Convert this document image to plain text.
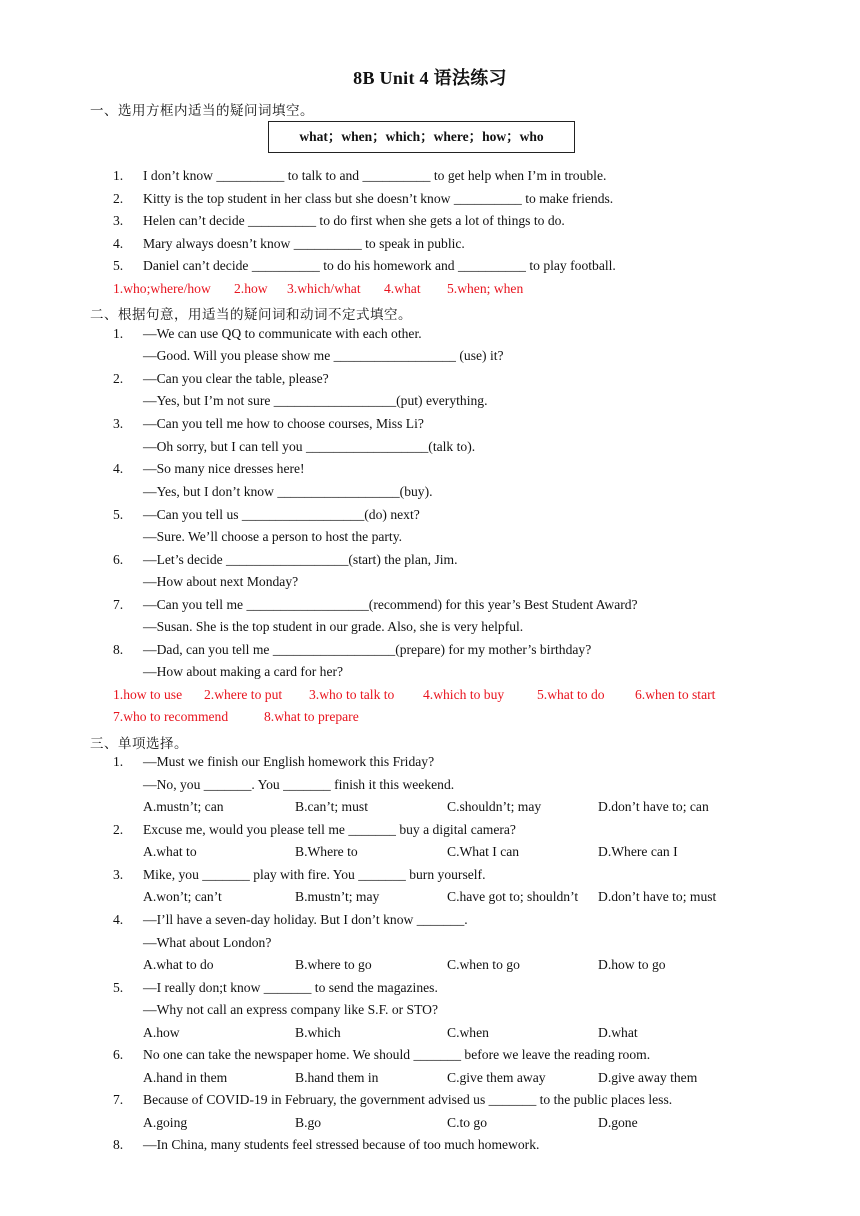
8B Unit 4 语法练习
一、选用方框内适当的疑问词填空。
what；when；which；where；how；who
1. I don’t know __________ to talk to and __________ to get help when I’m in trouble.
2. Kitty is the top student in her class but she doesn’t know __________ to make friends.
3. Helen can’t decide __________ to do first when she gets a lot of things to do.
4. Mary always doesn’t know __________ to speak in public.
5. Daniel can’t decide __________ to do his homework and __________ to play football.
1.who;where/how 2.how 3.which/what 4.what 5.when; when
二、根据句意，用适当的疑问词和动词不定式填空。
1. —We can use QQ to communicate with each other.
—Good. Will you please show me __________________ (use) it?
2. —Can you clear the table, please?
—Yes, but I’m not sure __________________(put) everything.
3. —Can you tell me how to choose courses, Miss Li?
—Oh sorry, but I can tell you __________________(talk to).
4. —So many nice dresses here!
—Yes, but I don’t know __________________(buy).
5. —Can you tell us __________________(do) next?
—Sure. We’ll choose a person to host the party.
6. —Let’s decide __________________(start) the plan, Jim.
—How about next Monday?
7. —Can you tell me __________________(recommend) for this year’s Best Student Award?
—Susan. She is the top student in our grade. Also, she is very helpful.
8. —Dad, can you tell me __________________(prepare) for my mother’s birthday?
—How about making a card for her?
1.how to use 2.where to put 3.who to talk to 4.which to buy 5.what to do 6.when to start
7.who to recommend	8.what to prepare
三、单项选择。
1. —Must we finish our English homework this Friday?
—No, you _______. You _______ finish it this weekend.
A.mustn’t; can	B.can’t; must	C.shouldn’t; may	D.don’t have to; can
2. Excuse me, would you please tell me _______ buy a digital camera?
A.what to	B.Where to	C.What I can	D.Where can I
3. Mike, you _______ play with fire. You _______ burn yourself.
A.won’t; can’t	B.mustn’t; may	C.have got to; shouldn’t D.don’t have to; must
4. —I’ll have a seven-day holiday. But I don’t know _______.
—What about London?
A.what to do	B.where to go	C.when to go	D.how to go
5. —I really don;t know _______ to send the magazines.
—Why not call an express company like S.F. or STO?
A.how	B.which	C.when	D.what
6. No one can take the newspaper home. We should _______ before we leave the reading room.
A.hand in them	B.hand them in	C.give them away	D.give away them
7. Because of COVID-19 in February, the government advised us _______ to the public places less.
A.going	B.go	C.to go	D.gone
8. —In China, many students feel stressed because of too much homework.
